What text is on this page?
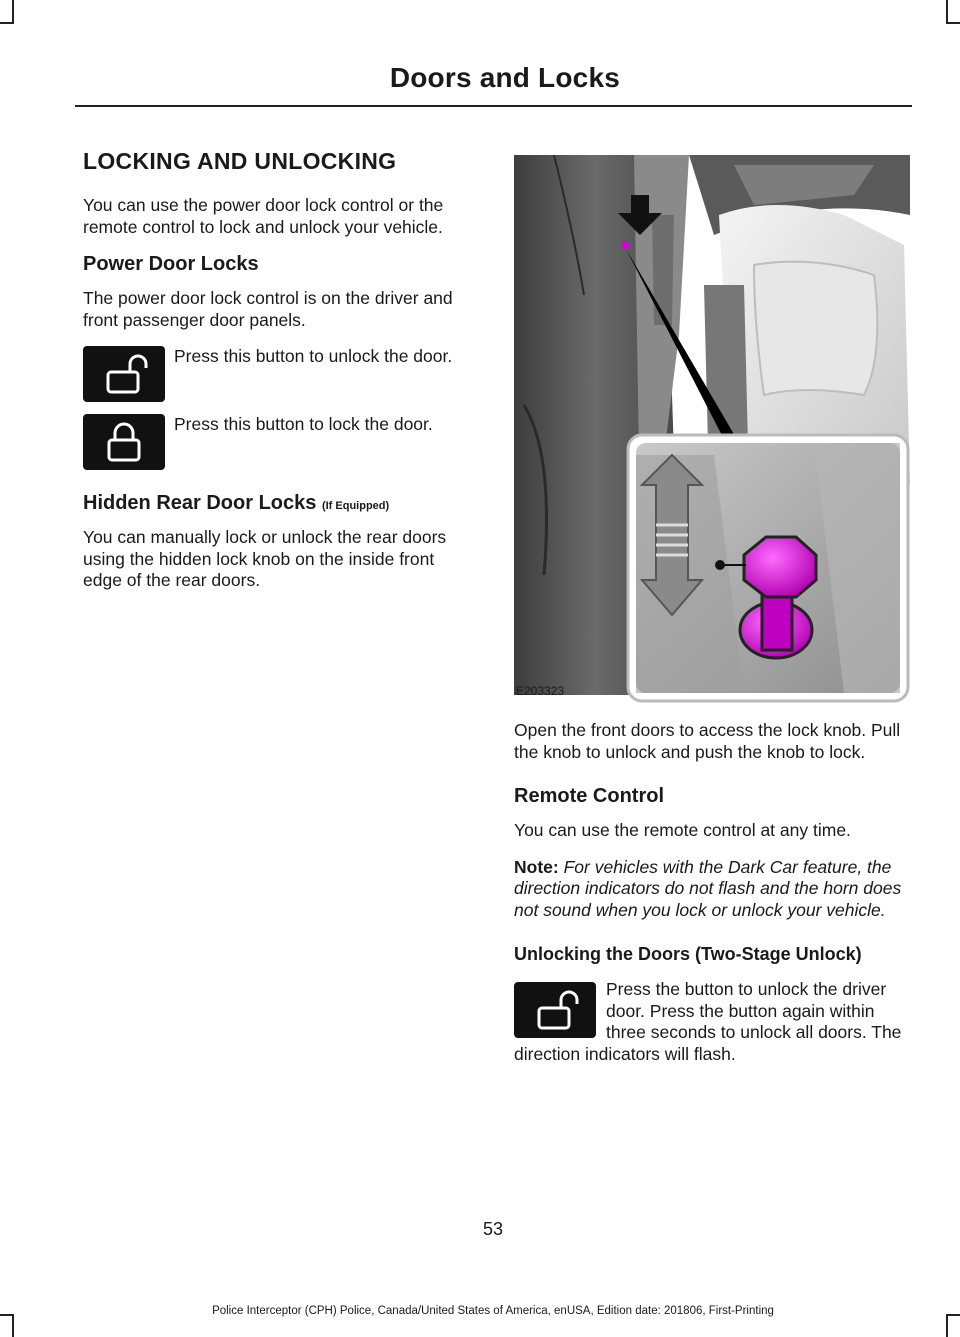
Doors and Locks
LOCKING AND UNLOCKING

You can use the power door lock control or the remote control to lock and unlock your vehicle.

Power Door Locks

The power door lock control is on the driver and front passenger door panels.

Press this button to unlock the door.

Press this button to lock the door.

Hidden Rear Door Locks (If Equipped)

You can manually lock or unlock the rear doors using the hidden lock knob on the inside front edge of the rear doors.

E203323

Open the front doors to access the lock knob. Pull the knob to unlock and push the knob to lock.

Remote Control

You can use the remote control at any time.

Note: For vehicles with the Dark Car feature, the direction indicators do not flash and the horn does not sound when you lock or unlock your vehicle.

Unlocking the Doors (Two-Stage Unlock)

Press the button to unlock the driver door. Press the button again within three seconds to unlock all doors. The direction indicators will flash.

53
Police Interceptor (CPH) Police, Canada/United States of America, enUSA, Edition date: 201806, First-Printing
